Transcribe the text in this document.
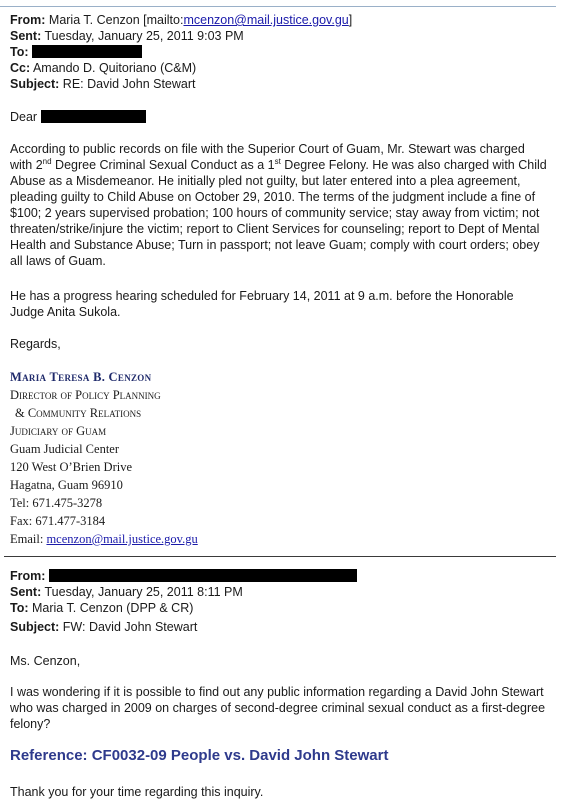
From: Maria T. Cenzon [mailto:mcenzon@mail.justice.gov.gu]
Sent: Tuesday, January 25, 2011 9:03 PM
To:
Cc: Amando D. Quitoriano (C&M)
Subject: RE: David John Stewart
Dear
According to public records on file with the Superior Court of Guam, Mr. Stewart was charged with 2nd Degree Criminal Sexual Conduct as a 1st Degree Felony. He was also charged with Child Abuse as a Misdemeanor. He initially pled not guilty, but later entered into a plea agreement, pleading guilty to Child Abuse on October 29, 2010. The terms of the judgment include a fine of $100; 2 years supervised probation; 100 hours of community service; stay away from victim; not threaten/strike/injure the victim; report to Client Services for counseling; report to Dept of Mental Health and Substance Abuse; Turn in passport; not leave Guam; comply with court orders; obey all laws of Guam.
He has a progress hearing scheduled for February 14, 2011 at 9 a.m. before the Honorable Judge Anita Sukola.
Regards,
Maria Teresa B. Cenzon
Director of Policy Planning
& Community Relations
Judiciary of Guam
Guam Judicial Center
120 West O’Brien Drive
Hagatna, Guam 96910
Tel: 671.475-3278
Fax: 671.477-3184
Email: mcenzon@mail.justice.gov.gu
From:
Sent: Tuesday, January 25, 2011 8:11 PM
To: Maria T. Cenzon (DPP & CR)
Subject: FW: David John Stewart
Ms. Cenzon,
I was wondering if it is possible to find out any public information regarding a David John Stewart who was charged in 2009 on charges of second-degree criminal sexual conduct as a first-degree felony?
Reference: CF0032-09 People vs. David John Stewart
Thank you for your time regarding this inquiry.
